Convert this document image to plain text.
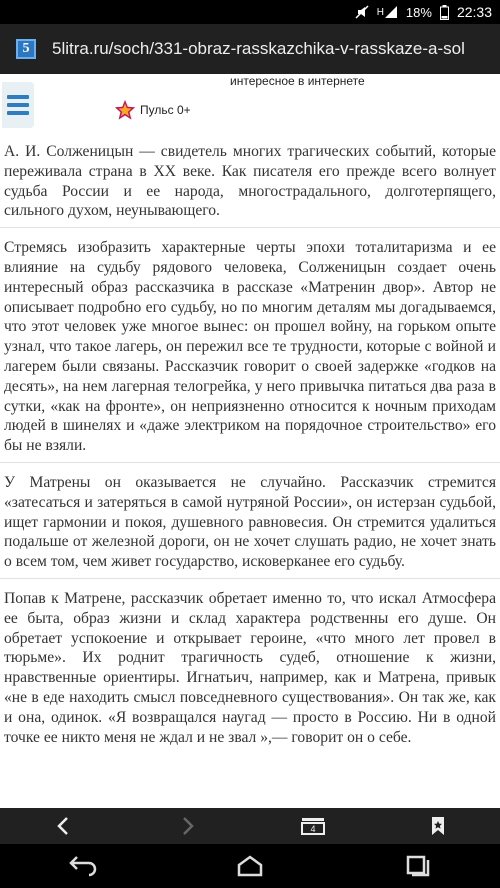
H 18% 22:33
5	5litra.ru/soch/331-obraz-rasskazchika-v-rasskaze-a-sol
интересное в интернете
Пульс 0+

А. И. Солженицын — свидетель многих трагических событий, которые переживала страна в XX веке. Как писателя его прежде всего волнует судьба России и ее народа, многострадального, долготерпящего, сильного духом, неунывающего.

Стремясь изобразить характерные черты эпохи тоталитаризма и ее влияние на судьбу рядового человека, Солженицын создает очень интересный образ рассказчика в рассказе «Матренин двор». Автор не описывает подробно его судьбу, но по многим деталям мы догадываемся, что этот человек уже многое вынес: он прошел войну, на горьком опыте узнал, что такое лагерь, он пережил все те трудности, которые с войной и лагерем были связаны. Рассказчик говорит о своей задержке «годков на десять», на нем лагерная телогрейка, у него привычка питаться два раза в сутки, «как на фронте», он неприязненно относится к ночным приходам людей в шинелях и «даже электриком на порядочное строительство» его бы не взяли.

У Матрены он оказывается не случайно. Рассказчик стремится «затесаться и затеряться в самой нутряной России», он истерзан судьбой, ищет гармонии и покоя, душевного равновесия. Он стремится удалиться подальше от железной дороги, он не хочет слушать радио, не хочет знать о всем том, чем живет государство, исковерканее его судьбу.

Попав к Матрене, рассказчик обретает именно то, что искал Атмосфера ее быта, образ жизни и склад характера родственны его душе. Он обретает успокоение и открывает героине, «что много лет провел в тюрьме». Их роднит трагичность судеб, отношение к жизни, нравственные ориентиры. Игнатьич, например, как и Матрена, привык «не в еде находить смысл повседневного существования». Он так же, как и она, одинок. «Я возвращался наугад — просто в Россию. Ни в одной точке ее никто меня не ждал и не звал »,— говорит он о себе.

4
